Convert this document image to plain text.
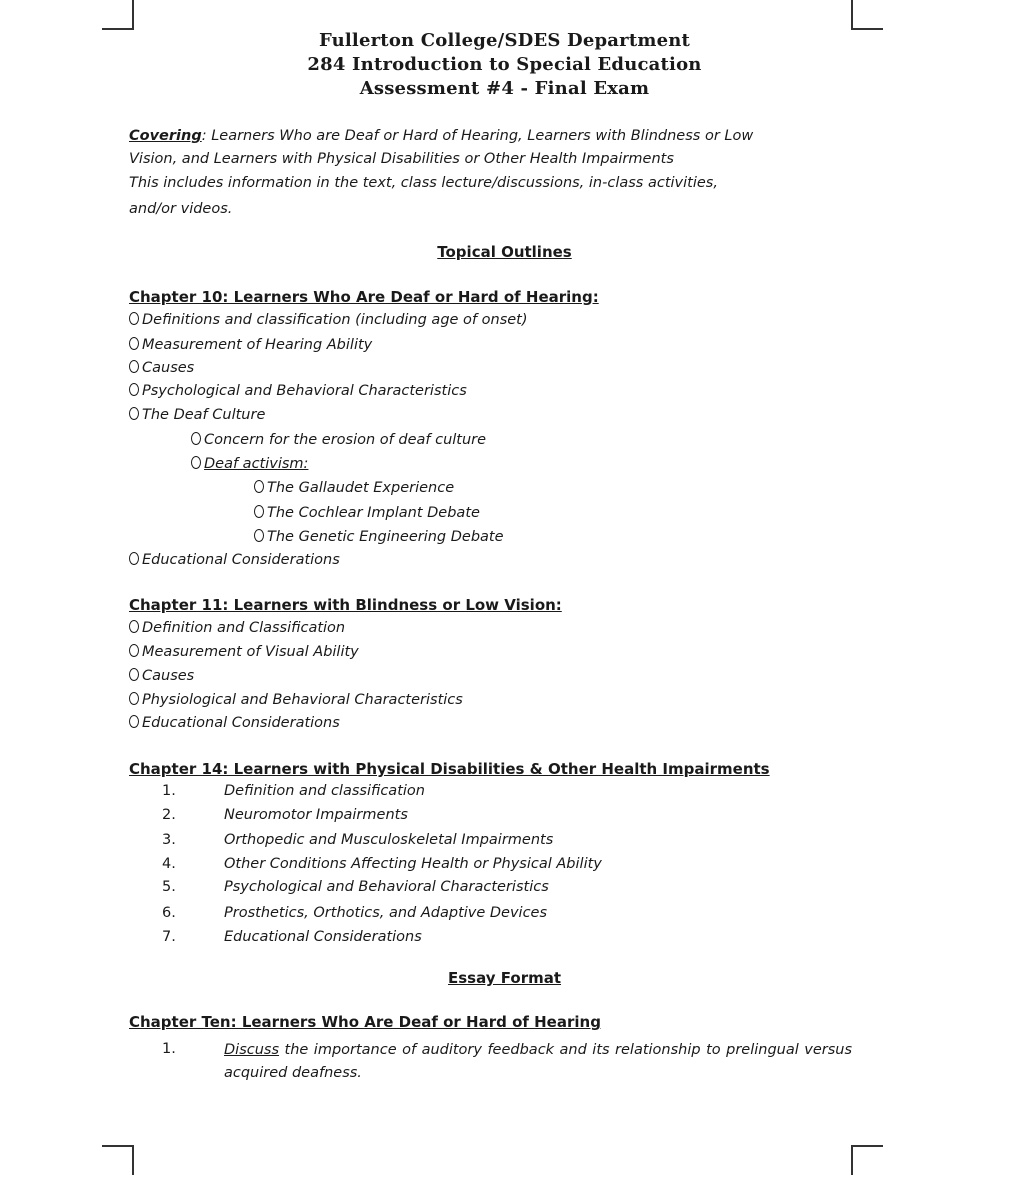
Fullerton College/SDES Department
284 Introduction to Special Education
Assessment #4 - Final Exam
Covering: Learners Who are Deaf or Hard of Hearing, Learners with Blindness or Low
Vision, and Learners with Physical Disabilities or Other Health Impairments
This includes information in the text, class lecture/discussions, in-class activities,
and/or videos.
Topical Outlines
Chapter 10: Learners Who Are Deaf or Hard of Hearing:
Definitions and classification (including age of onset)
Measurement of Hearing Ability
Causes
Psychological and Behavioral Characteristics
The Deaf Culture
Concern for the erosion of deaf culture
Deaf activism:
The Gallaudet Experience
The Cochlear Implant Debate
The Genetic Engineering Debate
Educational Considerations
Chapter 11: Learners with Blindness or Low Vision:
Definition and Classification
Measurement of Visual Ability
Causes
Physiological and Behavioral Characteristics
Educational Considerations
Chapter 14: Learners with Physical Disabilities & Other Health Impairments
1.	Definition and classification
2.	Neuromotor Impairments
3.	Orthopedic and Musculoskeletal Impairments
4.	Other Conditions Affecting Health or Physical Ability
5.	Psychological and Behavioral Characteristics
6.	Prosthetics, Orthotics, and Adaptive Devices
7.	Educational Considerations
Essay Format
Chapter Ten: Learners Who Are Deaf or Hard of Hearing
1.	Discuss the importance of auditory feedback and its relationship to prelingual versus acquired deafness.
